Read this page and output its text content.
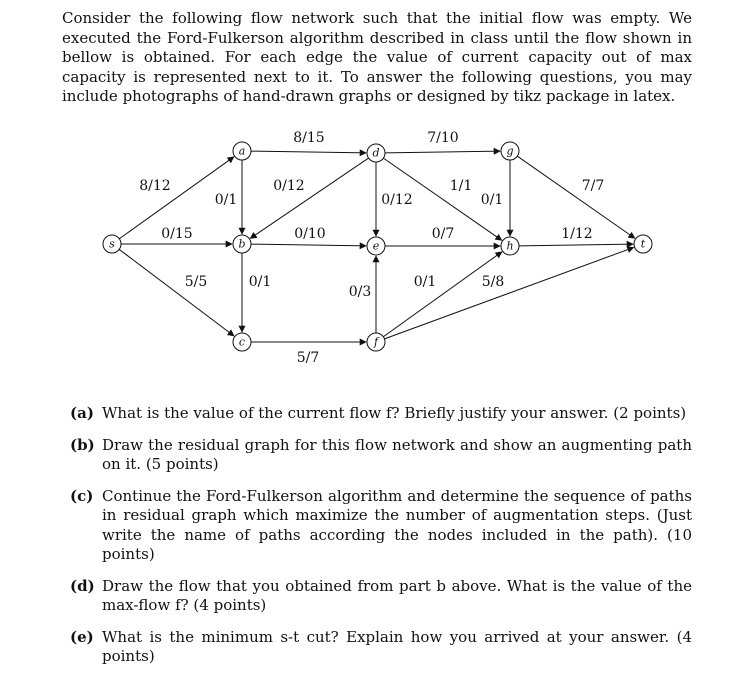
Consider the following flow network such that the initial flow was empty. We executed the Ford-Fulkerson algorithm described in class until the flow shown in bellow is obtained. For each edge the value of current capacity out of max capacity is represented next to it. To answer the following questions, you may include photographs of hand-drawn graphs or designed by tikz package in latex.

s
a
b
c
d
e
f
g
h	t
8/12
0/15
5/5
8/15
0/1
0/12
0/10
0/1
5/7
7/10
0/12
1/1
0/7
0/3
0/1	5/8
0/1
7/7
1/12
(a) What is the value of the current flow f? Briefly justify your answer. (2 points)
(b) Draw the residual graph for this flow network and show an augmenting path on it. (5 points)
(c) Continue the Ford-Fulkerson algorithm and determine the sequence of paths in residual graph which maximize the number of augmentation steps. (Just write the name of paths according the nodes included in the path). (10 points)
(d) Draw the flow that you obtained from part b above. What is the value of the max-flow f? (4 points)
(e) What is the minimum s-t cut? Explain how you arrived at your answer. (4 points)
